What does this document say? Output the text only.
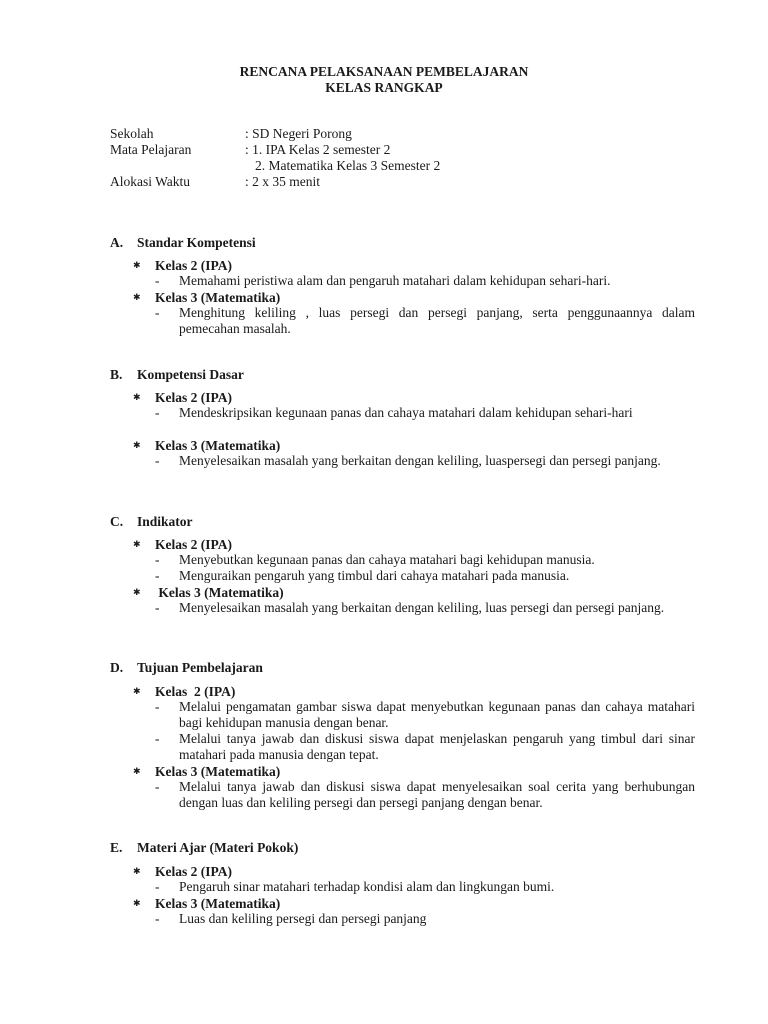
RENCANA PELAKSANAAN PEMBELAJARAN
KELAS RANGKAP
Sekolah	: SD Negeri Porong
Mata Pelajaran	: 1. IPA Kelas 2 semester 2
2. Matematika Kelas 3 Semester 2
Alokasi Waktu	: 2 x 35 menit
A. Standar Kompetensi
✱ Kelas 2 (IPA)
- Memahami peristiwa alam dan pengaruh matahari dalam kehidupan sehari-hari.
✱ Kelas 3 (Matematika)
- Menghitung keliling , luas persegi dan persegi panjang, serta penggunaannya dalam pemecahan masalah.
B. Kompetensi Dasar
✱ Kelas 2 (IPA)
- Mendeskripsikan kegunaan panas dan cahaya matahari dalam kehidupan sehari-hari
✱ Kelas 3 (Matematika)
- Menyelesaikan masalah yang berkaitan dengan keliling, luaspersegi dan persegi panjang.
C. Indikator
✱ Kelas 2 (IPA)
- Menyebutkan kegunaan panas dan cahaya matahari bagi kehidupan manusia.
- Menguraikan pengaruh yang timbul dari cahaya matahari pada manusia.
✱ Kelas 3 (Matematika)
- Menyelesaikan masalah yang berkaitan dengan keliling, luas persegi dan persegi panjang.
D. Tujuan Pembelajaran
✱ Kelas  2 (IPA)
- Melalui pengamatan gambar siswa dapat menyebutkan kegunaan panas dan cahaya matahari bagi kehidupan manusia dengan benar.
- Melalui tanya jawab dan diskusi siswa dapat menjelaskan pengaruh yang timbul dari sinar matahari pada manusia dengan tepat.
✱ Kelas 3 (Matematika)
- Melalui tanya jawab dan diskusi siswa dapat menyelesaikan soal cerita yang berhubungan dengan luas dan keliling persegi dan persegi panjang dengan benar.
E. Materi Ajar (Materi Pokok)
✱ Kelas 2 (IPA)
- Pengaruh sinar matahari terhadap kondisi alam dan lingkungan bumi.
✱ Kelas 3 (Matematika)
- Luas dan keliling persegi dan persegi panjang
